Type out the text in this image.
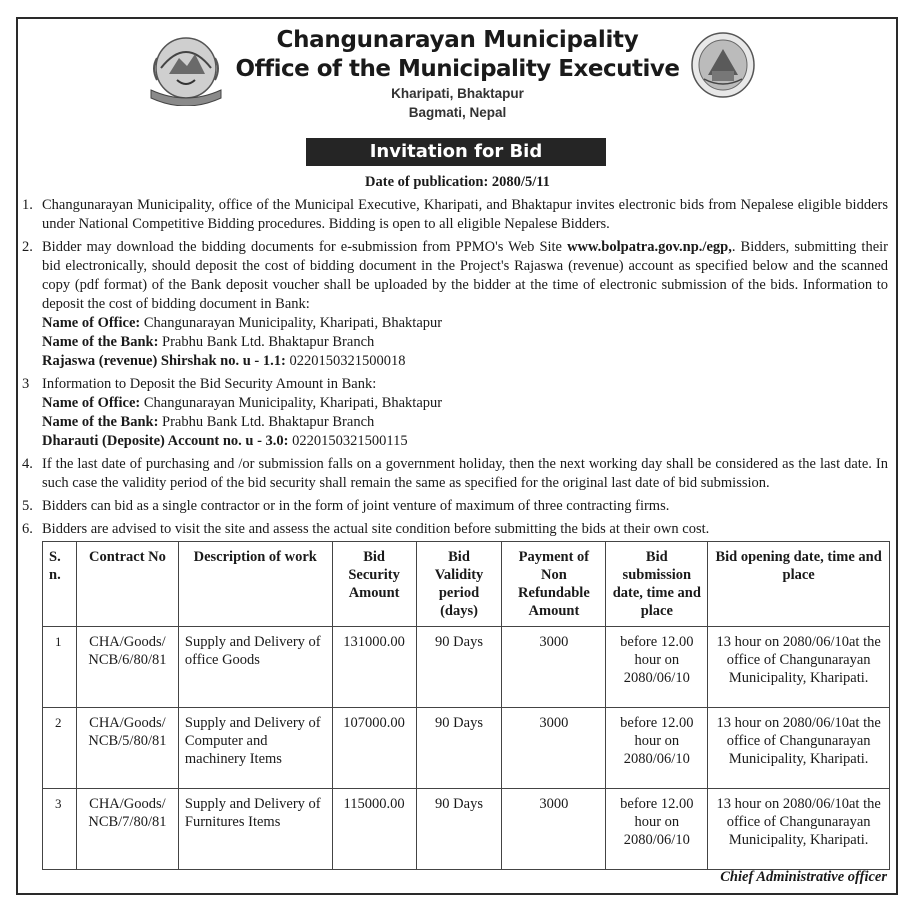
Changunarayan Municipality
Office of the Municipality Executive
Kharipati, Bhaktapur
Bagmati, Nepal
Invitation for Bid
Date of publication: 2080/5/11
1. Changunarayan Municipality, office of the Municipal Executive, Kharipati, and Bhaktapur invites electronic bids from Nepalese eligible bidders under National Competitive Bidding procedures. Bidding is open to all eligible Nepalese Bidders.
2. Bidder may download the bidding documents for e-submission from PPMO's Web Site www.bolpatra.gov.np./egp,. Bidders, submitting their bid electronically, should deposit the cost of bidding document in the Project's Rajaswa (revenue) account as specified below and the scanned copy (pdf format) of the Bank deposit voucher shall be uploaded by the bidder at the time of electronic submission of the bids. Information to deposit the cost of bidding document in Bank:
Name of Office: Changunarayan Municipality, Kharipati, Bhaktapur
Name of the Bank: Prabhu Bank Ltd. Bhaktapur Branch
Rajaswa (revenue) Shirshak no. u - 1.1: 0220150321500018
3 Information to Deposit the Bid Security Amount in Bank:
Name of Office: Changunarayan Municipality, Kharipati, Bhaktapur
Name of the Bank: Prabhu Bank Ltd. Bhaktapur Branch
Dharauti (Deposite) Account no. u - 3.0: 0220150321500115
4. If the last date of purchasing and /or submission falls on a government holiday, then the next working day shall be considered as the last date. In such case the validity period of the bid security shall remain the same as specified for the original last date of bid submission.
5. Bidders can bid as a single contractor or in the form of joint venture of maximum of three contracting firms.
6. Bidders are advised to visit the site and assess the actual site condition before submitting the bids at their own cost.
S. n.	Contract No	Description of work	Bid Security Amount	Bid Validity period (days)	Payment of Non Refundable Amount	Bid submission date, time and place	Bid opening date, time and place
1	CHA/Goods/ NCB/6/80/81	Supply and Delivery of office Goods	131000.00	90 Days	3000	before 12.00 hour on 2080/06/10	13 hour on 2080/06/10at the office of Changunarayan Municipality, Kharipati.
2	CHA/Goods/ NCB/5/80/81	Supply and Delivery of Computer and machinery Items	107000.00	90 Days	3000	before 12.00 hour on 2080/06/10	13 hour on 2080/06/10at the office of Changunarayan Municipality, Kharipati.
3	CHA/Goods/ NCB/7/80/81	Supply and Delivery of Furnitures Items	115000.00	90 Days	3000	before 12.00 hour on 2080/06/10	13 hour on 2080/06/10at the office of Changunarayan Municipality, Kharipati.
Chief Administrative officer
